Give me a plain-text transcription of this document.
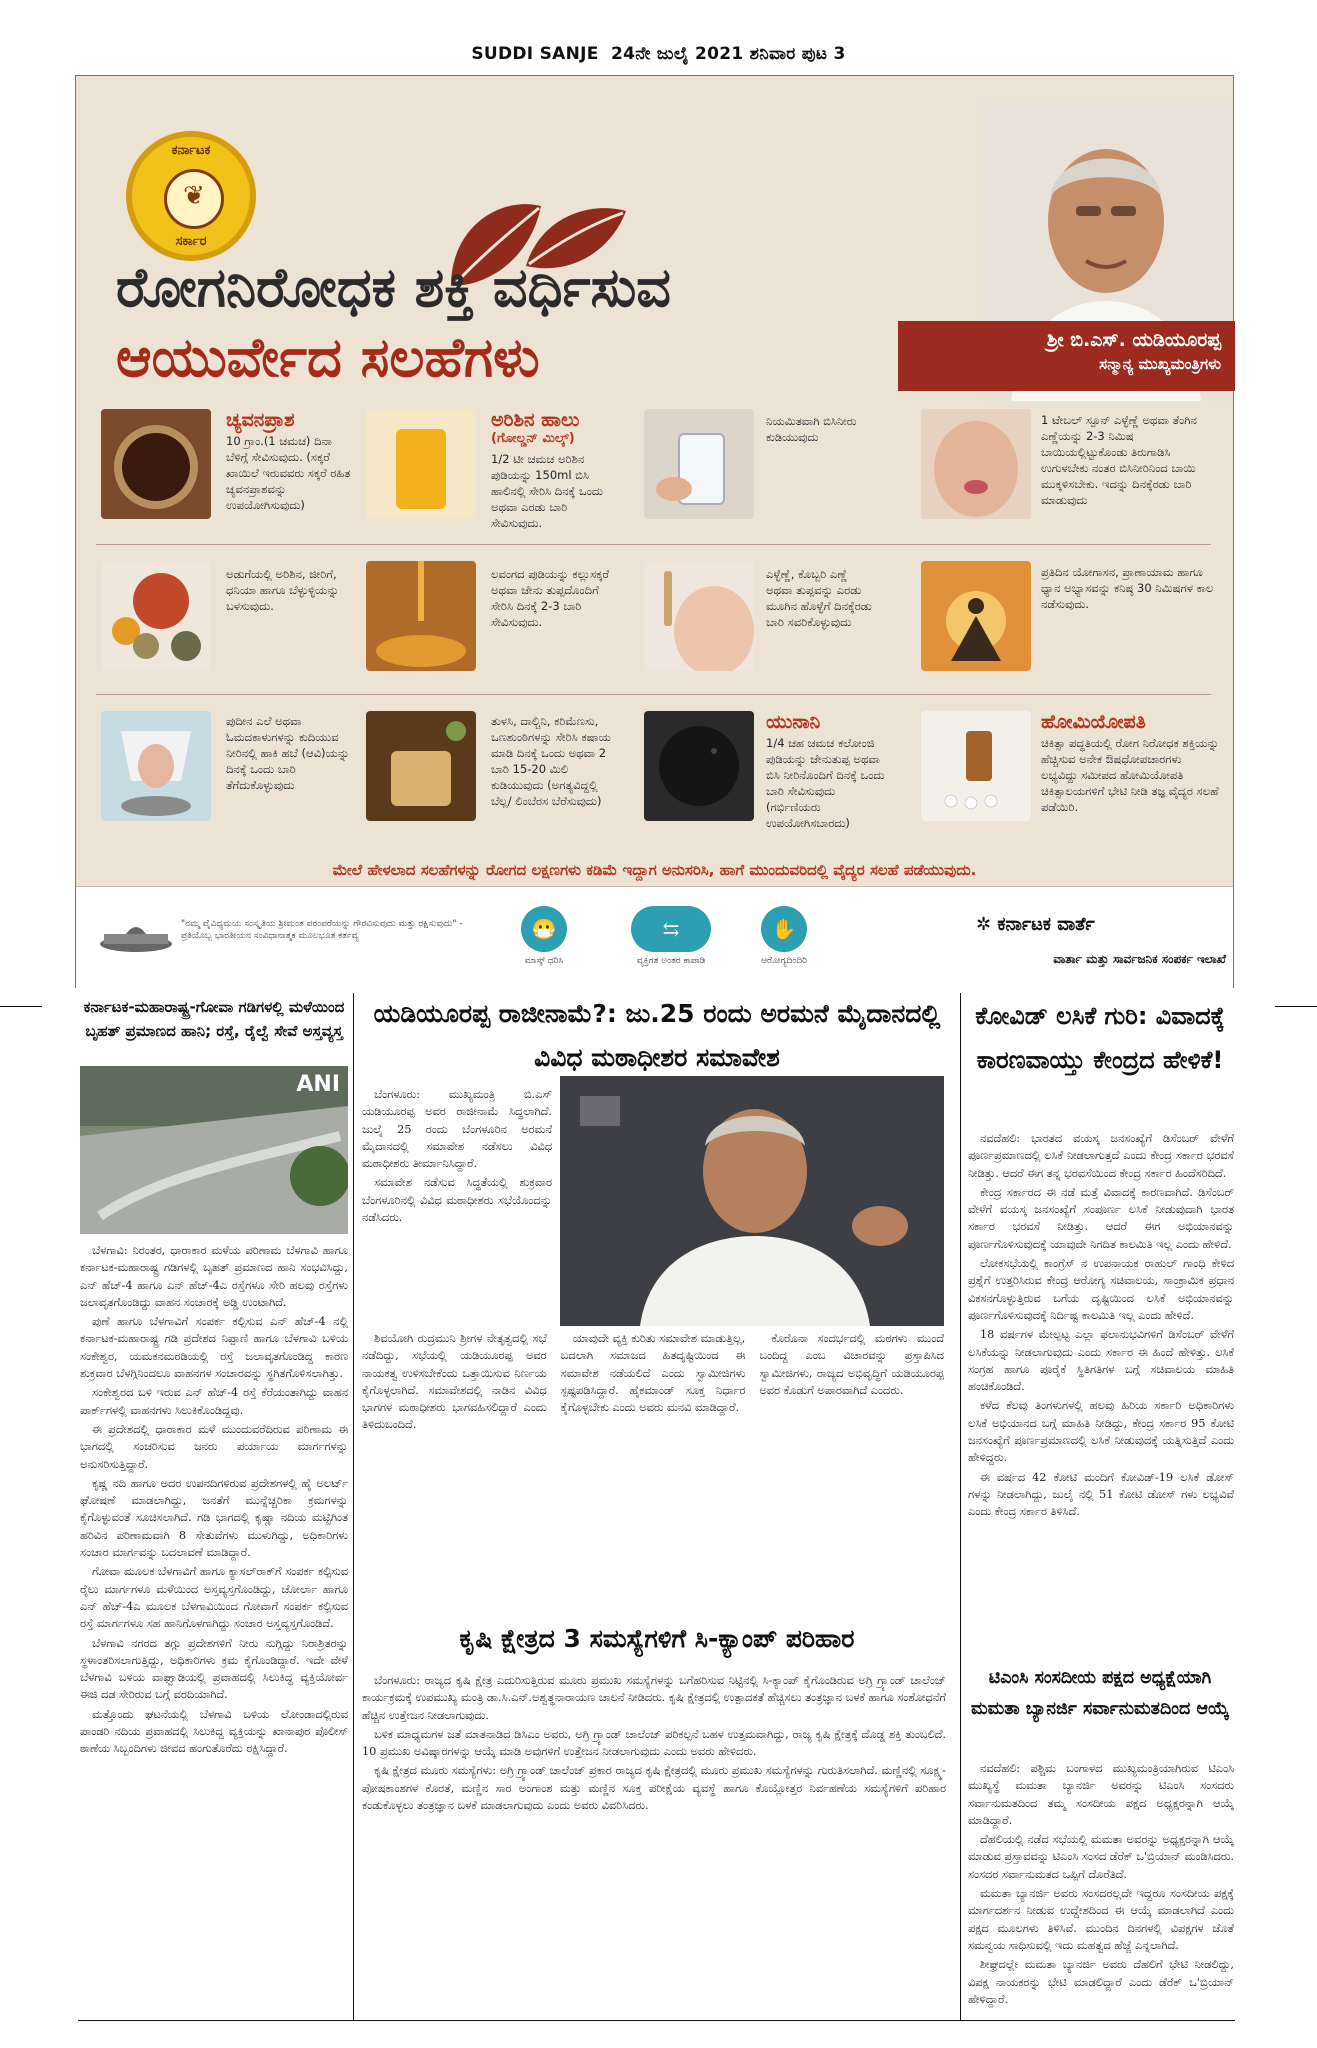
SUDDI SANJE 24ನೇ ಜುಲೈ 2021 ಶನಿವಾರ ಪುಟ 3
ಕರ್ನಾಟಕ
❦
ಸರ್ಕಾರ
ರೋಗನಿರೋಧಕ ಶಕ್ತಿ ವರ್ಧಿಸುವ
ಆಯುರ್ವೇದ ಸಲಹೆಗಳು	ಶ್ರೀ ಬಿ.ಎಸ್. ಯಡಿಯೂರಪ್ಪ
ಸನ್ಮಾನ್ಯ ಮುಖ್ಯಮಂತ್ರಿಗಳು
ಚ್ಯವನಪ್ರಾಶ
10 ಗ್ರಾಂ.(1 ಚಮಚ) ದಿನಾ ಬೆಳಿಗ್ಗೆ ಸೇವಿಸುವುದು. (ಸಕ್ಕರೆ ಖಾಯಿಲೆ ಇರುವವರು ಸಕ್ಕರೆ ರಹಿತ ಚ್ಯವನಪ್ರಾಶವನ್ನು ಉಪಯೋಗಿಸುವುದು)
ಅರಿಶಿನ ಹಾಲು
(ಗೋಲ್ಡನ್ ಮಿಲ್ಕ್)
1/2 ಟೀ ಚಮಚ ಅರಿಶಿನ ಪುಡಿಯನ್ನು 150ml ಬಿಸಿ ಹಾಲಿನಲ್ಲಿ ಸೇರಿಸಿ ದಿನಕ್ಕೆ ಒಂದು ಅಥವಾ ಎರಡು ಬಾರಿ ಸೇವಿಸುವುದು.
ನಿಯಮಿತವಾಗಿ ಬಿಸಿನೀರು ಕುಡಿಯುವುದು
1 ಟೇಬಲ್ ಸ್ಪೂನ್ ಎಳ್ಳೆಣ್ಣೆ ಅಥವಾ ತೆಂಗಿನ ಎಣ್ಣೆಯನ್ನು 2-3 ನಿಮಿಷ ಬಾಯಿಯಲ್ಲಿಟ್ಟುಕೊಂಡು ತಿರುಗಾಡಿಸಿ ಉಗುಳಬೇಕು ನಂತರ ಬಿಸಿನೀರಿನಿಂದ ಬಾಯಿ ಮುಕ್ಕಳಿಸಬೇಕು. ಇದನ್ನು ದಿನಕ್ಕೆರಡು ಬಾರಿ ಮಾಡುವುದು
ಅಡುಗೆಯಲ್ಲಿ ಅರಿಶಿನ, ಜೀರಿಗೆ, ಧನಿಯಾ ಹಾಗೂ ಬೆಳ್ಳುಳ್ಳಿಯನ್ನು ಬಳಸುವುದು.
ಲವಂಗದ ಪುಡಿಯನ್ನು ಕಲ್ಲುಸಕ್ಕರೆ ಅಥವಾ ಜೇನು ತುಪ್ಪದೊಂದಿಗೆ ಸೇರಿಸಿ ದಿನಕ್ಕೆ 2-3 ಬಾರಿ ಸೇವಿಸುವುದು.
ಎಳ್ಳೆಣ್ಣೆ, ಕೊಬ್ಬರಿ ಎಣ್ಣೆ ಅಥವಾ ತುಪ್ಪವನ್ನು ಎರಡು ಮೂಗಿನ ಹೊಳ್ಳೆಗೆ ದಿನಕ್ಕೆರಡು ಬಾರಿ ಸವರಿಕೊಳ್ಳುವುದು
ಪ್ರತಿದಿನ ಯೋಗಾಸನ, ಪ್ರಾಣಾಯಾಮ ಹಾಗೂ ಧ್ಯಾನ ಅಭ್ಯಾಸವನ್ನು ಕನಿಷ್ಠ 30 ನಿಮಿಷಗಳ ಕಾಲ ನಡೆಸುವುದು.
ಪುದೀನ ಎಲೆ ಅಥವಾ ಓಮದಕಾಳುಗಳನ್ನು ಕುದಿಯುವ ನೀರಿನಲ್ಲಿ ಹಾಕಿ ಹಬೆ (ಆವಿ)ಯನ್ನು ದಿನಕ್ಕೆ ಒಂದು ಬಾರಿ ತೆಗೆದುಕೊಳ್ಳುವುದು
ತುಳಸಿ, ದಾಲ್ಚಿನಿ, ಕರಿಮೆಣಸು, ಒಣಶುಂಠಿಗಳನ್ನು ಸೇರಿಸಿ ಕಷಾಯ ಮಾಡಿ ದಿನಕ್ಕೆ ಒಂದು ಅಥವಾ 2 ಬಾರಿ 15-20 ಮಿಲಿ ಕುಡಿಯುವುದು (ಅಗತ್ಯವಿದ್ದಲ್ಲಿ ಬೆಲ್ಲ/ ಲಿಂಬೆರಸ ಬೆರೆಸುವುದು)
ಯುನಾನಿ
1/4 ಚಹ ಚಮಚ ಕಲೋಂಜಿ ಪುಡಿಯನ್ನು ಜೇನುತುಪ್ಪ ಅಥವಾ ಬಿಸಿ ನೀರಿನೊಂದಿಗೆ ದಿನಕ್ಕೆ ಒಂದು ಬಾರಿ ಸೇವಿಸುವುದು (ಗರ್ಭಿಣಿಯರು ಉಪಯೋಗಿಸಬಾರದು)
ಹೋಮಿಯೋಪತಿ
ಚಿಕಿತ್ಸಾ ಪದ್ಧತಿಯಲ್ಲಿ ರೋಗ ನಿರೋಧಕ ಶಕ್ತಿಯನ್ನು ಹೆಚ್ಚಿಸುವ ಅನೇಕ ಔಷಧೋಪಚಾರಗಳು ಲಭ್ಯವಿದ್ದು ಸಮೀಪದ ಹೋಮಿಯೋಪತಿ ಚಿಕಿತ್ಸಾಲಯಗಳಿಗೆ ಭೇಟಿ ನೀಡಿ ತಜ್ಞ ವೈದ್ಯರ ಸಲಹೆ ಪಡೆಯಿರಿ.
ಮೇಲೆ ಹೇಳಲಾದ ಸಲಹೆಗಳನ್ನು ರೋಗದ ಲಕ್ಷಣಗಳು ಕಡಿಮೆ ಇದ್ದಾಗ ಅನುಸರಿಸಿ, ಹಾಗೆ ಮುಂದುವರಿದಲ್ಲಿ ವೈದ್ಯರ ಸಲಹೆ ಪಡೆಯುವುದು.
"ನಮ್ಮ ವೈವಿಧ್ಯಮಯ ಸಂಸ್ಕೃತಿಯ ಶ್ರೀಮಂತ ಪರಂಪರೆಯನ್ನು ಗೌರವಿಸುವುದು ಮತ್ತು ರಕ್ಷಿಸುವುದು" - ಪ್ರತಿಯೊಬ್ಬ ಭಾರತೀಯನ ಸಂವಿಧಾನಾತ್ಮಕ ಮೂಲಭೂತ ಕರ್ತವ್ಯ	😷
ಮಾಸ್ಕ್ ಧರಿಸಿ
⇆
ವ್ಯಕ್ತಿಗತ ಅಂತರ ಕಾಪಾಡಿ
✋
ಆರೋಗ್ಯದಿಂದಿರಿ
✲ ಕರ್ನಾಟಕ ವಾರ್ತೆ
ವಾರ್ತಾ ಮತ್ತು ಸಾರ್ವಜನಿಕ ಸಂಪರ್ಕ ಇಲಾಖೆ
ಕರ್ನಾಟಕ-ಮಹಾರಾಷ್ಟ್ರ-ಗೋವಾ ಗಡಿಗಳಲ್ಲಿ ಮಳೆಯಿಂದ ಬೃಹತ್ ಪ್ರಮಾಣದ ಹಾನಿ; ರಸ್ತೆ, ರೈಲ್ವೆ ಸೇವೆ ಅಸ್ತವ್ಯಸ್ತ
ANI

ಬೆಳಗಾವಿ: ನಿರಂತರ, ಧಾರಾಕಾರ ಮಳೆಯ ಪರಿಣಾಮ ಬೆಳಗಾವಿ ಹಾಗೂ ಕರ್ನಾಟಕ-ಮಹಾರಾಷ್ಟ್ರ ಗಡಿಗಳಲ್ಲಿ ಬೃಹತ್ ಪ್ರಮಾಣದ ಹಾನಿ ಸಂಭವಿಸಿದ್ದು, ಎನ್ ಹೆಚ್-4 ಹಾಗೂ ಎನ್ ಹೆಚ್-4ಎ ರಸ್ತೆಗಳೂ ಸೇರಿ ಹಲವು ರಸ್ತೆಗಳು ಜಲಾವೃತಗೊಂಡಿದ್ದು ವಾಹನ ಸಂಚಾರಕ್ಕೆ ಅಡ್ಡಿ ಉಂಟಾಗಿದೆ.

ಪುಣೆ ಹಾಗೂ ಬೆಳಗಾವಿಗೆ ಸಂಪರ್ಕ ಕಲ್ಪಿಸುವ ಎನ್ ಹೆಚ್-4 ನಲ್ಲಿ ಕರ್ನಾಟಕ-ಮಹಾರಾಷ್ಟ್ರ ಗಡಿ ಪ್ರದೇಶದ ನಿಪ್ಪಾಣಿ ಹಾಗೂ ಬೆಳಗಾವಿ ಬಳಿಯ ಸಂಕೇಶ್ವರ, ಯಮಕನಮರಡಿಯಲ್ಲಿ ರಸ್ತೆ ಜಲಾವೃತಗೊಂಡಿದ್ದ ಕಾರಣ ಶುಕ್ರವಾರ ಬೆಳಗ್ಗಿನಿಂದಲೂ ವಾಹನಗಳ ಸಂಚಾರವನ್ನು ಸ್ಥಗಿತಗೊಳಿಸಲಾಗಿತ್ತು.

ಸಂಕೇಶ್ವರದ ಬಳಿ ಇರುವ ಎನ್ ಹೆಚ್-4 ರಸ್ತೆ ಕೆರೆಯಂತಾಗಿದ್ದು ವಾಹನ ಪಾರ್ಕ್‌ಗಳಲ್ಲಿ ವಾಹನಗಳು ಸಿಲುಕಿಕೊಂಡಿದ್ದವು.

ಈ ಪ್ರದೇಶದಲ್ಲಿ ಧಾರಾಕಾರ ಮಳೆ ಮುಂದುವರೆದಿರುವ ಪರಿಣಾಮ ಈ ಭಾಗದಲ್ಲಿ ಸಂಚರಿಸುವ ಜನರು ಪರ್ಯಾಯ ಮಾರ್ಗಗಳನ್ನು ಅನುಸರಿಸುತ್ತಿದ್ದಾರೆ.

ಕೃಷ್ಣ ನದಿ ಹಾಗೂ ಅದರ ಉಪನದಿಗಳಿರುವ ಪ್ರದೇಶಗಳಲ್ಲಿ ಹೈ ಅಲರ್ಟ್ ಘೋಷಣೆ ಮಾಡಲಾಗಿದ್ದು, ಜನತೆಗೆ ಮುನ್ನೆಚ್ಚರಿಕಾ ಕ್ರಮಗಳನ್ನು ಕೈಗೊಳ್ಳುವಂತೆ ಸೂಚಿಸಲಾಗಿದೆ. ಗಡಿ ಭಾಗದಲ್ಲಿ ಕೃಷ್ಣಾ ನದಿಯ ಮಟ್ಟಿಗಿಂತ ಹರಿವಿನ ಪರಿಣಾಮವಾಗಿ 8 ಸೇತುವೆಗಳು ಮುಳುಗಿದ್ದು, ಅಧಿಕಾರಿಗಳು ಸಂಚಾರ ಮಾರ್ಗವನ್ನು ಬದಲಾವಣೆ ಮಾಡಿದ್ದಾರೆ.

ಗೋವಾ ಮೂಲಕ ಬೆಳಗಾವಿಗೆ ಹಾಗೂ ಕ್ಯಾಸಲ್‌ರಾಕ್‌ಗೆ ಸಂಪರ್ಕ ಕಲ್ಪಿಸುವ ರೈಲು ಮಾರ್ಗಗಳೂ ಮಳೆಯಿಂದ ಅಸ್ತವ್ಯಸ್ತಗೊಂಡಿದ್ದು, ಚೋರ್ಲಾ ಹಾಗೂ ಎನ್ ಹೆಚ್-4ಎ ಮೂಲಕ ಬೆಳಗಾವಿಯಿಂದ ಗೋವಾಗೆ ಸಂಪರ್ಕ ಕಲ್ಪಿಸುವ ರಸ್ತೆ ಮಾರ್ಗಗಳೂ ಸಹ ಹಾನಿಗೊಳಗಾಗಿದ್ದು ಸಂಚಾರ ಅಸ್ತವ್ಯಸ್ತಗೊಂಡಿದೆ.

ಬೆಳಗಾವಿ ನಗರದ ತಗ್ಗು ಪ್ರದೇಶಗಳಿಗೆ ನೀರು ನುಗ್ಗಿದ್ದು ನಿರಾಶ್ರಿತರನ್ನು ಸ್ಥಳಾಂತರಿಸಲಾಗುತ್ತಿದ್ದು, ಅಧಿಕಾರಿಗಳು ಕ್ರಮ ಕೈಗೊಂಡಿದ್ದಾರೆ. ಇದೇ ವೇಳೆ ಬೆಳಗಾವಿ ಬಳಿಯ ವಾಘ್ವಾಡಿಯಲ್ಲಿ ಪ್ರವಾಹದಲ್ಲಿ ಸಿಲುಕಿದ್ದ ವ್ಯಕ್ತಿಯೋರ್ವ ಈಜಿ ದಡ ಸೇರಿರುವ ಬಗ್ಗೆ ವರದಿಯಾಗಿದೆ.

ಮತ್ತೊಂದು ಘಟನೆಯಲ್ಲಿ ಬೆಳಗಾವಿ ಬಳಿಯ ಲೋಂಡಾದಲ್ಲಿರುವ ಪಾಂಡರಿ ನದಿಯ ಪ್ರವಾಹದಲ್ಲಿ ಸಿಲುಕಿದ್ದ ವ್ಯಕ್ತಿಯನ್ನು ಖಾನಾಪುರ ಪೊಲೀಸ್ ಠಾಣೆಯ ಸಿಬ್ಬಂದಿಗಳು ಜೀವದ ಹಂಗುತೊರೆದು ರಕ್ಷಿಸಿದ್ದಾರೆ.

ಯಡಿಯೂರಪ್ಪ ರಾಜೀನಾಮೆ?: ಜು.25 ರಂದು ಅರಮನೆ ಮೈದಾನದಲ್ಲಿ ವಿವಿಧ ಮಠಾಧೀಶರ ಸಮಾವೇಶ

ಬೆಂಗಳೂರು: ಮುಖ್ಯಮಂತ್ರಿ ಬಿ.ಎಸ್ ಯಡಿಯೂರಪ್ಪ ಅವರ ರಾಜೀನಾಮೆ ಸಿದ್ಧಲಾಗಿದೆ. ಜುಲೈ 25 ರಂದು ಬೆಂಗಳೂರಿನ ಅರಮನೆ ಮೈದಾನದಲ್ಲಿ ಸಮಾವೇಶ ನಡೆಸಲು ವಿವಿಧ ಮಠಾಧೀಶರು ತೀರ್ಮಾನಿಸಿದ್ದಾರೆ.

ಸಮಾವೇಶ ನಡೆಸುವ ಸಿದ್ಧತೆಯಲ್ಲಿ ಶುಕ್ರವಾರ ಬೆಂಗಳೂರಿನಲ್ಲಿ ವಿವಿಧ ಮಠಾಧೀಶರು ಸಭೆಯೊಂದನ್ನು ನಡೆಸಿದರು.

ಶಿವಯೋಗಿ ರುದ್ರಮುನಿ ಶ್ರೀಗಳ ನೇತೃತ್ವದಲ್ಲಿ ಸಭೆ ನಡೆದಿದ್ದು, ಸಭೆಯಲ್ಲಿ ಯಡಿಯೂರಪ್ಪ ಅವರ ನಾಯಕತ್ವ ಉಳಿಸಬೇಕೆಂದು ಒತ್ತಾಯಿಸುವ ನಿರ್ಣಯ ಕೈಗೊಳ್ಳಲಾಗಿದೆ. ಸಮಾವೇಶದಲ್ಲಿ ನಾಡಿನ ವಿವಿಧ ಭಾಗಗಳ ಮಠಾಧೀಶರು ಭಾಗವಹಿಸಲಿದ್ದಾರೆ ಎಂದು ತಿಳಿದುಬಂದಿದೆ.

ಯಾವುದೇ ವ್ಯಕ್ತಿ ಕುರಿತು ಸಮಾವೇಶ ಮಾಡುತ್ತಿಲ್ಲ, ಬದಲಾಗಿ ಸಮಾಜದ ಹಿತದೃಷ್ಟಿಯಿಂದ ಈ ಸಮಾವೇಶ ನಡೆಯಲಿದೆ ಎಂದು ಸ್ವಾಮೀಜಿಗಳು ಸ್ಪಷ್ಟಪಡಿಸಿದ್ದಾರೆ. ಹೈಕಮಾಂಡ್ ಸೂಕ್ತ ನಿರ್ಧಾರ ಕೈಗೊಳ್ಳಬೇಕು ಎಂದು ಅವರು ಮನವಿ ಮಾಡಿದ್ದಾರೆ.

ಕೊರೊನಾ ಸಂದರ್ಭದಲ್ಲಿ ಮಠಗಳು ಮುಂದೆ ಬಂದಿದ್ದ ಎಂಬ ವಿಚಾರವನ್ನು ಪ್ರಸ್ತಾಪಿಸಿದ ಸ್ವಾಮೀಜಿಗಳು, ರಾಜ್ಯದ ಅಭಿವೃದ್ಧಿಗೆ ಯಡಿಯೂರಪ್ಪ ಅವರ ಕೊಡುಗೆ ಅಪಾರವಾಗಿದೆ ಎಂದರು.

ಕೃಷಿ ಕ್ಷೇತ್ರದ 3 ಸಮಸ್ಯೆಗಳಿಗೆ ಸಿ-ಕ್ಯಾಂಪ್ ಪರಿಹಾರ

ಬೆಂಗಳೂರು: ರಾಜ್ಯದ ಕೃಷಿ ಕ್ಷೇತ್ರ ಎದುರಿಸುತ್ತಿರುವ ಮೂರು ಪ್ರಮುಖ ಸಮಸ್ಯೆಗಳನ್ನು ಬಗೆಹರಿಸುವ ನಿಟ್ಟಿನಲ್ಲಿ ಸಿ-ಕ್ಯಾಂಪ್ ಕೈಗೊಂಡಿರುವ ಅಗ್ರಿ ಗ್ರ್ಯಾಂಡ್ ಚಾಲೆಂಜ್ ಕಾರ್ಯಕ್ರಮಕ್ಕೆ ಉಪಮುಖ್ಯ ಮಂತ್ರಿ ಡಾ.ಸಿ.ಎನ್.ಅಶ್ವತ್ಥನಾರಾಯಣ ಚಾಲನೆ ನೀಡಿದರು. ಕೃಷಿ ಕ್ಷೇತ್ರದಲ್ಲಿ ಉತ್ಪಾದಕತೆ ಹೆಚ್ಚಿಸಲು ತಂತ್ರಜ್ಞಾನ ಬಳಕೆ ಹಾಗೂ ಸಂಶೋಧನೆಗೆ ಹೆಚ್ಚಿನ ಉತ್ತೇಜನ ನೀಡಲಾಗುವುದು.

ಬಳಿಕ ಮಾಧ್ಯಮಗಳ ಜತೆ ಮಾತನಾಡಿದ ಡಿಸಿಎಂ ಅವರು, ಅಗ್ರಿ ಗ್ರ್ಯಾಂಡ್ ಚಾಲೆಂಜ್ ಪರಿಕಲ್ಪನೆ ಬಹಳ ಉತ್ತಮವಾಗಿದ್ದು, ರಾಜ್ಯ ಕೃಷಿ ಕ್ಷೇತ್ರಕ್ಕೆ ದೊಡ್ಡ ಶಕ್ತಿ ತುಂಬಲಿದೆ. 10 ಪ್ರಮುಖ ಅವಿಷ್ಕಾರಗಳನ್ನು ಆಯ್ಕೆ ಮಾಡಿ ಅವುಗಳಿಗೆ ಉತ್ತೇಜನ ನೀಡಲಾಗುವುದು ಎಂದು ಅವರು ಹೇಳಿದರು.

ಕೃಷಿ ಕ್ಷೇತ್ರದ ಮೂರು ಸಮಸ್ಯೆಗಳು: ಅಗ್ರಿ ಗ್ರ್ಯಾಂಡ್ ಚಾಲೆಂಜ್ ಪ್ರಕಾರ ರಾಜ್ಯದ ಕೃಷಿ ಕ್ಷೇತ್ರದಲ್ಲಿ ಮೂರು ಪ್ರಮುಖ ಸಮಸ್ಯೆಗಳನ್ನು ಗುರುತಿಸಲಾಗಿದೆ. ಮಣ್ಣಿನಲ್ಲಿ ಸೂಕ್ಷ್ಮ-ಪೋಷಕಾಂಶಗಳ ಕೊರತೆ, ಮಣ್ಣಿನ ಸಾರ ಅಂಗಾಂಶ ಮತ್ತು ಮಣ್ಣಿನ ಸೂಕ್ತ ಪರೀಕ್ಷೆಯ ವ್ಯವಸ್ಥೆ ಹಾಗೂ ಕೊಯ್ಲೋತ್ತರ ನಿರ್ವಹಣೆಯ ಸಮಸ್ಯೆಗಳಿಗೆ ಪರಿಹಾರ ಕಂಡುಕೊಳ್ಳಲು ತಂತ್ರಜ್ಞಾನ ಬಳಕೆ ಮಾಡಲಾಗುವುದು ಎಂದು ಅವರು ವಿವರಿಸಿದರು.

ಕೋವಿಡ್ ಲಸಿಕೆ ಗುರಿ: ವಿವಾದಕ್ಕೆ ಕಾರಣವಾಯ್ತು ಕೇಂದ್ರದ ಹೇಳಿಕೆ!

ನವದೆಹಲಿ: ಭಾರತದ ವಯಸ್ಕ ಜನಸಂಖ್ಯೆಗೆ ಡಿಸೆಂಬರ್ ವೇಳೆಗೆ ಪೂರ್ಣಪ್ರಮಾಣದಲ್ಲಿ ಲಸಿಕೆ ನೀಡಲಾಗುತ್ತದೆ ಎಂದು ಕೇಂದ್ರ ಸರ್ಕಾರ ಭರವಸೆ ನೀಡಿತ್ತು. ಆದರೆ ಈಗ ತನ್ನ ಭರವಸೆಯಿಂದ ಕೇಂದ್ರ ಸರ್ಕಾರ ಹಿಂದೆಸರಿದಿದೆ.

ಕೇಂದ್ರ ಸರ್ಕಾರದ ಈ ನಡೆ ಮತ್ತೆ ವಿವಾದಕ್ಕೆ ಕಾರಣವಾಗಿದೆ. ಡಿಸೆಂಬರ್ ವೇಳೆಗೆ ವಯಸ್ಕ ಜನಸಂಖ್ಯೆಗೆ ಸಂಪೂರ್ಣ ಲಸಿಕೆ ನೀಡುವುದಾಗಿ ಭಾರತ ಸರ್ಕಾರ ಭರವಸೆ ನೀಡಿತ್ತು. ಆದರೆ ಈಗ ಅಭಿಯಾನವನ್ನು ಪೂರ್ಣಗೊಳಿಸುವುದಕ್ಕೆ ಯಾವುದೇ ನಿಗದಿತ ಕಾಲಮಿತಿ ಇಲ್ಲ ಎಂದು ಹೇಳಿದೆ.

ಲೋಕಸಭೆಯಲ್ಲಿ ಕಾಂಗ್ರೆಸ್ ನ ಉಪನಾಯಕ ರಾಹುಲ್ ಗಾಂಧಿ ಕೇಳಿದ ಪ್ರಶ್ನೆಗೆ ಉತ್ತರಿಸಿರುವ ಕೇಂದ್ರ ಆರೋಗ್ಯ ಸಚಿವಾಲಯ, ಸಾಂಕ್ರಾಮಿಕ ಪ್ರಧಾನ ವಿಕಸನಗೊಳ್ಳುತ್ತಿರುವ ಬಗೆಯ ದೃಷ್ಟಿಯಿಂದ ಲಸಿಕೆ ಅಭಿಯಾನವನ್ನು ಪೂರ್ಣಗೊಳಿಸುವುದಕ್ಕೆ ನಿರ್ದಿಷ್ಟ ಕಾಲಮಿತಿ ಇಲ್ಲ ಎಂದು ಹೇಳಿದೆ.

18 ವರ್ಷಗಳ ಮೇಲ್ಪಟ್ಟ ಎಲ್ಲಾ ಫಲಾನುಭವಿಗಳಿಗೆ ಡಿಸೆಂಬರ್ ವೇಳೆಗೆ ಲಸಿಕೆಯನ್ನು ನೀಡಲಾಗುವುದು ಎಂದು ಸರ್ಕಾರ ಈ ಹಿಂದೆ ಹೇಳಿತ್ತು. ಲಸಿಕೆ ಸಂಗ್ರಹ ಹಾಗೂ ಪೂರೈಕೆ ಸ್ಥಿತಿಗತಿಗಳ ಬಗ್ಗೆ ಸಚಿವಾಲಯ ಮಾಹಿತಿ ಹಂಚಿಕೊಂಡಿದೆ.

ಕಳೆದ ಕೆಲವು ತಿಂಗಳುಗಳಲ್ಲಿ ಹಲವು ಹಿರಿಯ ಸರ್ಕಾರಿ ಅಧಿಕಾರಿಗಳು ಲಸಿಕೆ ಅಭಿಯಾನದ ಬಗ್ಗೆ ಮಾಹಿತಿ ನೀಡಿದ್ದು, ಕೇಂದ್ರ ಸರ್ಕಾರ 95 ಕೋಟಿ ಜನಸಂಖ್ಯೆಗೆ ಪೂರ್ಣಪ್ರಮಾಣದಲ್ಲಿ ಲಸಿಕೆ ನೀಡುವುದಕ್ಕೆ ಯತ್ನಿಸುತ್ತಿದೆ ಎಂದು ಹೇಳಿದ್ದರು.

ಈ ವರ್ಷದ 42 ಕೋಟಿ ಮಂದಿಗೆ ಕೋವಿಡ್-19 ಲಸಿಕೆ ಡೋಸ್ ಗಳನ್ನು ನೀಡಲಾಗಿದ್ದು, ಜುಲೈ ನಲ್ಲಿ 51 ಕೋಟಿ ಡೋಸ್ ಗಳು ಲಭ್ಯವಿವೆ ಎಂದು ಕೇಂದ್ರ ಸರ್ಕಾರ ತಿಳಿಸಿದೆ.

ಟಿಎಂಸಿ ಸಂಸದೀಯ ಪಕ್ಷದ ಅಧ್ಯಕ್ಷೆಯಾಗಿ ಮಮತಾ ಬ್ಯಾನರ್ಜಿ ಸರ್ವಾನುಮತದಿಂದ ಆಯ್ಕೆ

ನವದೆಹಲಿ: ಪಶ್ಚಿಮ ಬಂಗಾಳದ ಮುಖ್ಯಮಂತ್ರಿಯಾಗಿರುವ ಟಿಎಂಸಿ ಮುಖ್ಯಸ್ಥೆ ಮಮತಾ ಬ್ಯಾನರ್ಜಿ ಅವರನ್ನು ಟಿಎಂಸಿ ಸಂಸದರು ಸರ್ವಾನುಮತದಿಂದ ತಮ್ಮ ಸಂಸದೀಯ ಪಕ್ಷದ ಅಧ್ಯಕ್ಷರನ್ನಾಗಿ ಆಯ್ಕೆ ಮಾಡಿದ್ದಾರೆ.

ದೆಹಲಿಯಲ್ಲಿ ನಡೆದ ಸಭೆಯಲ್ಲಿ ಮಮತಾ ಅವರನ್ನು ಅಧ್ಯಕ್ಷರನ್ನಾಗಿ ಆಯ್ಕೆ ಮಾಡುವ ಪ್ರಸ್ತಾವವನ್ನು ಟಿಎಂಸಿ ಸಂಸದ ಡೆರೆಕ್ ಒ'ಬ್ರಿಯಾನ್ ಮಂಡಿಸಿದರು. ಸಂಸದರ ಸರ್ವಾನುಮತದ ಒಪ್ಪಿಗೆ ದೊರೆತಿದೆ.

ಮಮತಾ ಬ್ಯಾನರ್ಜಿ ಅವರು ಸಂಸದರಲ್ಲದೇ ಇದ್ದರೂ ಸಂಸದೀಯ ಪಕ್ಷಕ್ಕೆ ಮಾರ್ಗದರ್ಶನ ನೀಡುವ ಉದ್ದೇಶದಿಂದ ಈ ಆಯ್ಕೆ ಮಾಡಲಾಗಿದೆ ಎಂದು ಪಕ್ಷದ ಮೂಲಗಳು ತಿಳಿಸಿವೆ. ಮುಂದಿನ ದಿನಗಳಲ್ಲಿ ವಿಪಕ್ಷಗಳ ಜೊತೆ ಸಮನ್ವಯ ಸಾಧಿಸುವಲ್ಲಿ ಇದು ಮಹತ್ವದ ಹೆಜ್ಜೆ ಎನ್ನಲಾಗಿದೆ.

ಶೀಘ್ರದಲ್ಲೇ ಮಮತಾ ಬ್ಯಾನರ್ಜಿ ಅವರು ದೆಹಲಿಗೆ ಭೇಟಿ ನೀಡಲಿದ್ದು, ವಿಪಕ್ಷ ನಾಯಕರನ್ನು ಭೇಟಿ ಮಾಡಲಿದ್ದಾರೆ ಎಂದು ಡೆರೆಕ್ ಒ'ಬ್ರಿಯಾನ್ ಹೇಳಿದ್ದಾರೆ.
